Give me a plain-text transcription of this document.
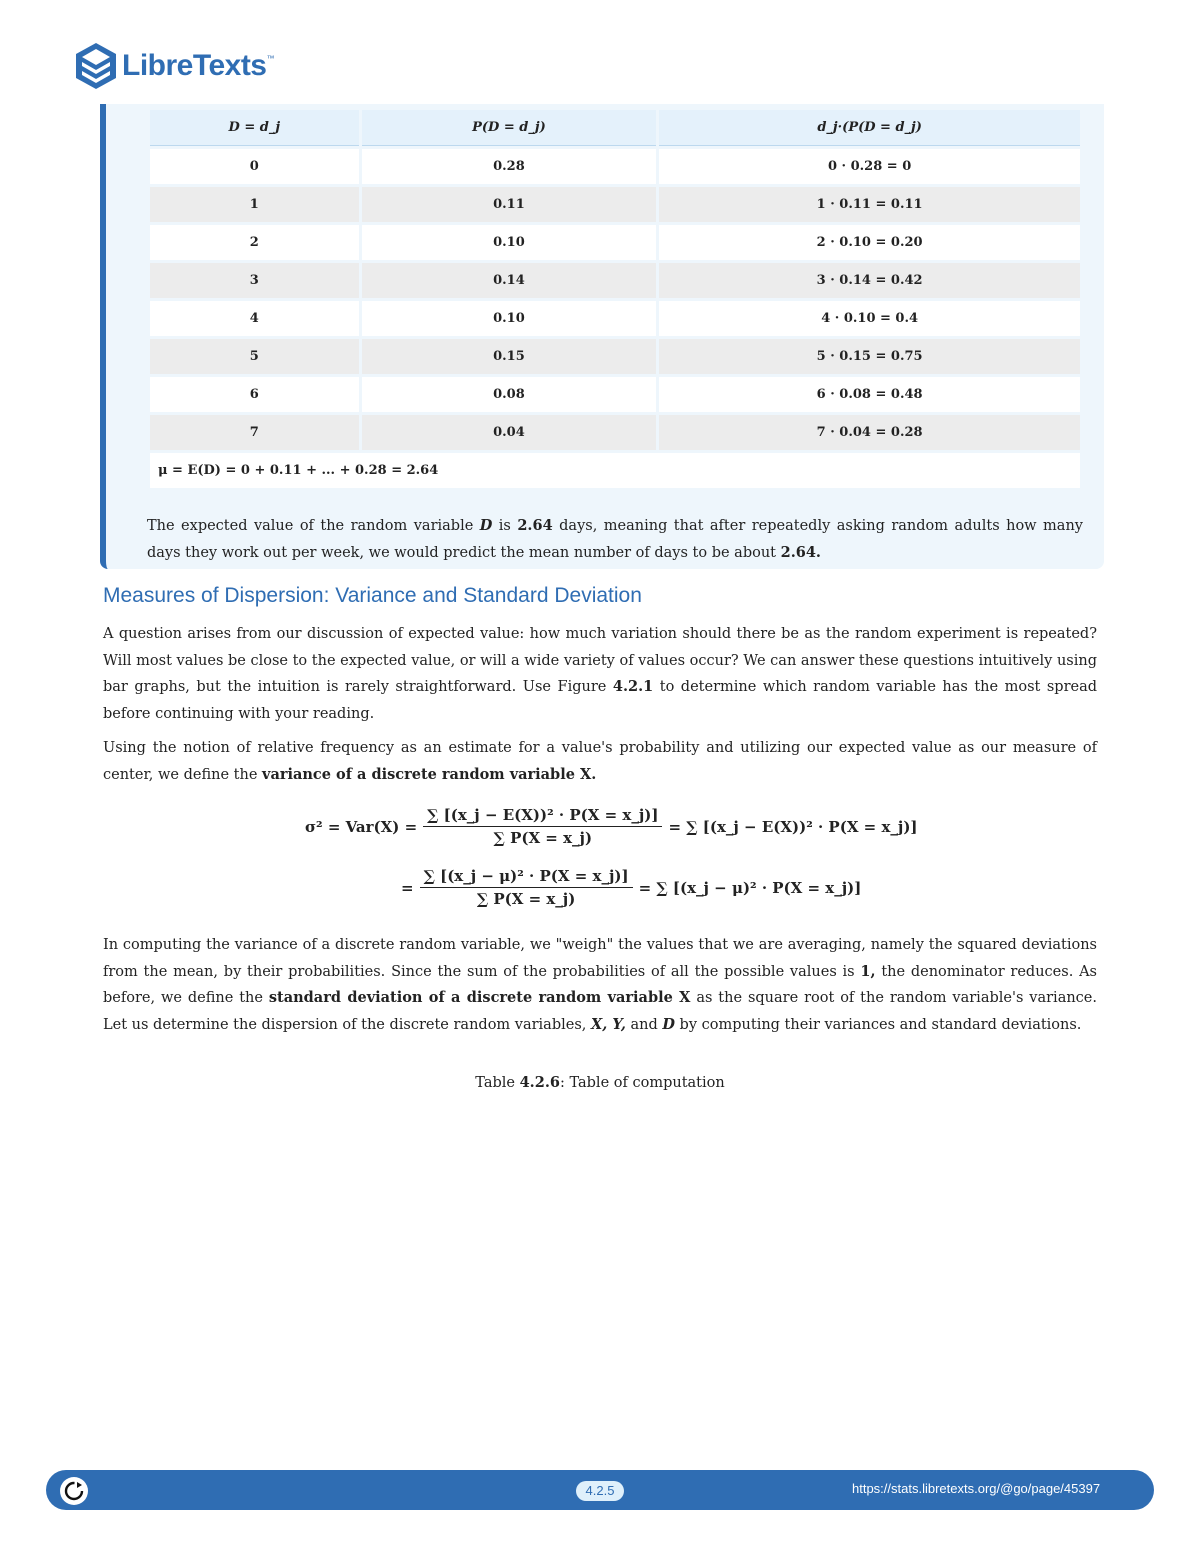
LibreTexts ™
D = d_j	P(D = d_j)	d_j·(P(D = d_j)
0	0.28	0 · 0.28 = 0
1	0.11	1 · 0.11 = 0.11
2	0.10	2 · 0.10 = 0.20
3	0.14	3 · 0.14 = 0.42
4	0.10	4 · 0.10 = 0.4
5	0.15	5 · 0.15 = 0.75
6	0.08	6 · 0.08 = 0.48
7	0.04	7 · 0.04 = 0.28
μ = E(D) = 0 + 0.11 + ... + 0.28 = 2.64		
The expected value of the random variable D is 2.64 days, meaning that after repeatedly asking random adults how many days they work out per week, we would predict the mean number of days to be about 2.64.
Measures of Dispersion: Variance and Standard Deviation
A question arises from our discussion of expected value: how much variation should there be as the random experiment is repeated? Will most values be close to the expected value, or will a wide variety of values occur? We can answer these questions intuitively using bar graphs, but the intuition is rarely straightforward. Use Figure 4.2.1 to determine which random variable has the most spread before continuing with your reading.
Using the notion of relative frequency as an estimate for a value's probability and utilizing our expected value as our measure of center, we define the variance of a discrete random variable X.
$\sigma^2 = Var(X) = \frac{\text{∑ [(x\_j − E(X))² · P(X = x\_j)]}}{\sum P(X = x\_j)}$ = ∑ [(x_j − E(X))² · P(X = x_j)]
= $\frac{\text{∑ [(x\_j − μ)² · P(X = x\_j)]}}{\sum P(X = x\_j)}$ = ∑ [(x_j − μ)² · P(X = x_j)]
In computing the variance of a discrete random variable, we "weigh" the values that we are averaging, namely the squared deviations from the mean, by their probabilities. Since the sum of the probabilities of all the possible values is 1, the denominator reduces. As before, we define the standard deviation of a discrete random variable X as the square root of the random variable's variance. Let us determine the dispersion of the discrete random variables, X, Y, and D by computing their variances and standard deviations.
Table 4.2.6: Table of computation
4.2.5	https://stats.libretexts.org/@go/page/45397
